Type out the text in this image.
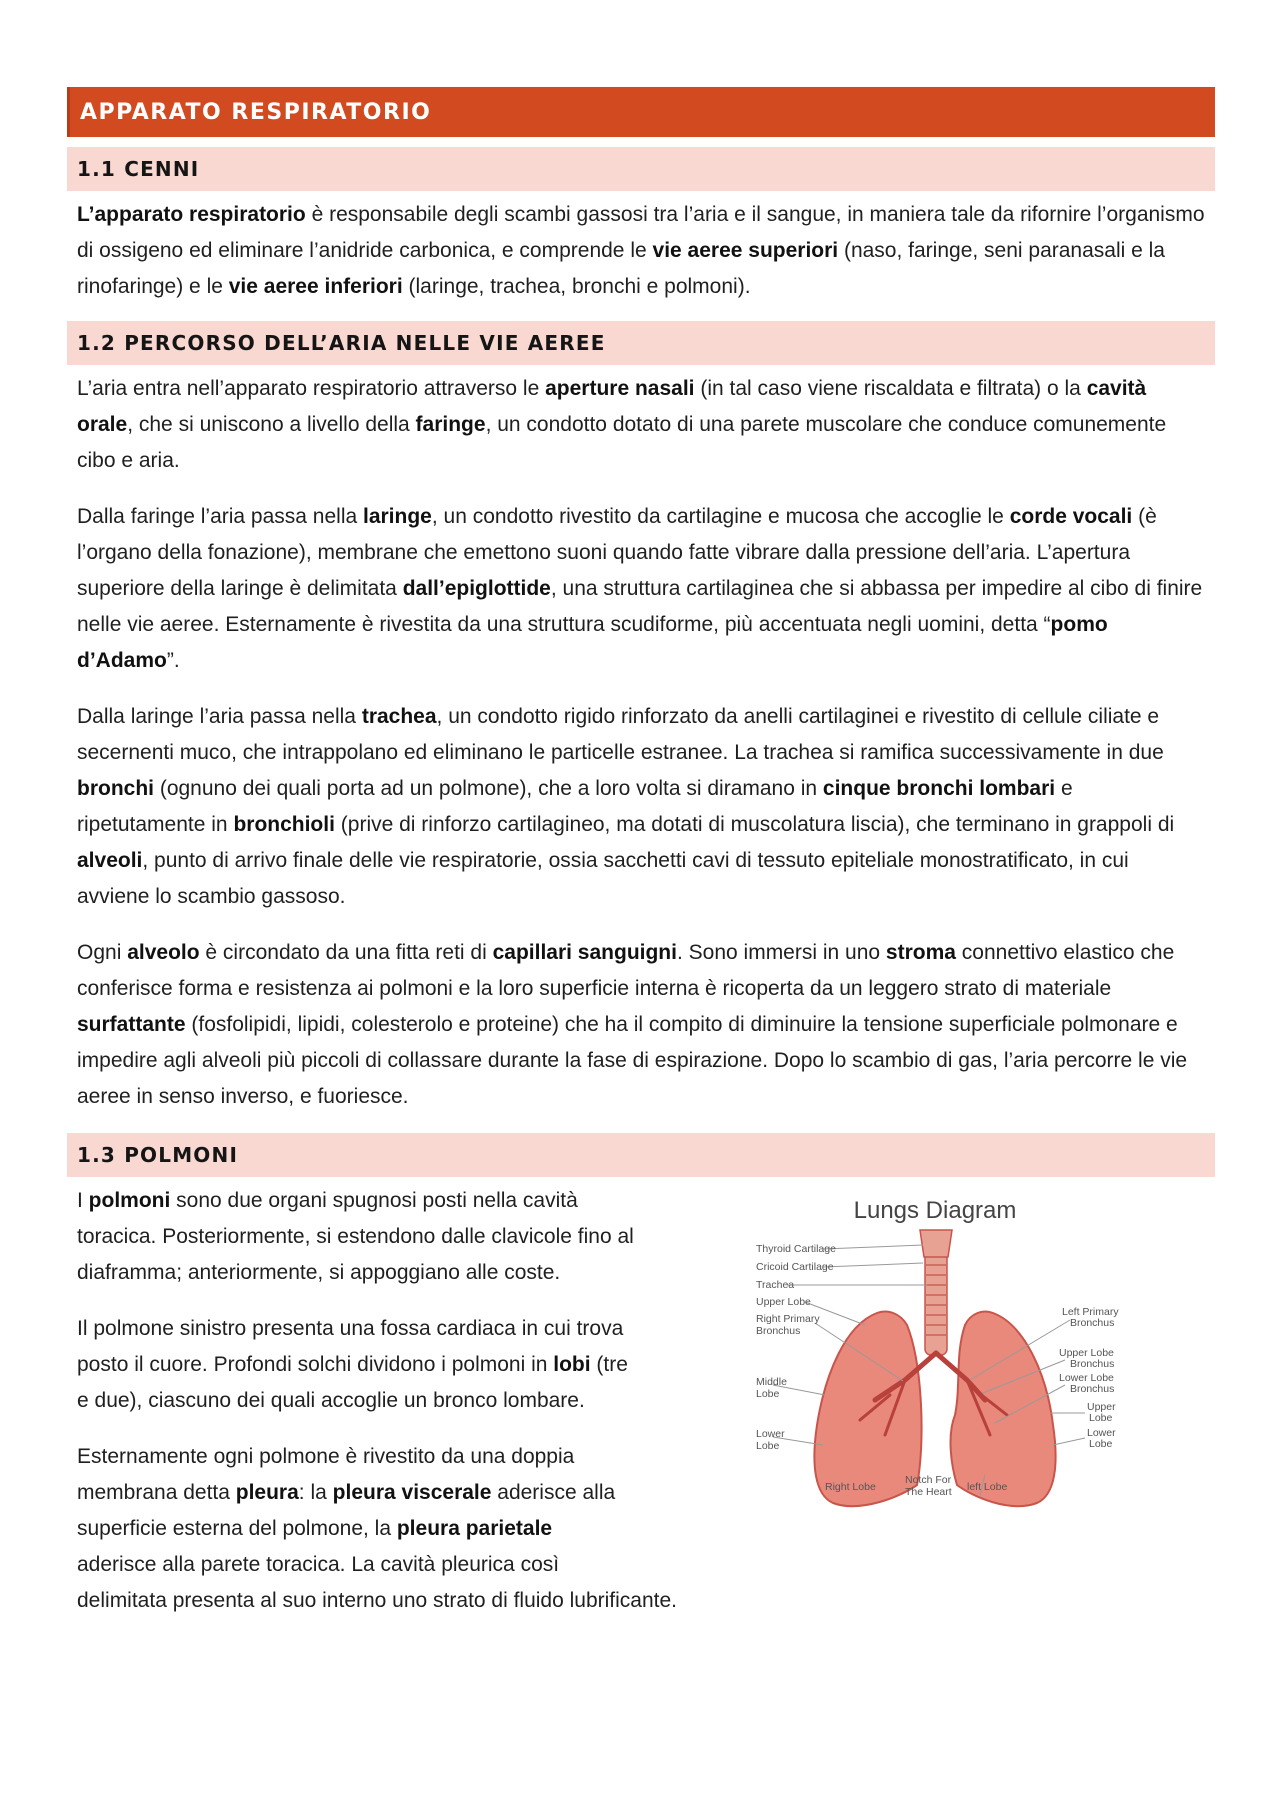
APPARATO RESPIRATORIO
1.1 CENNI

L’apparato respiratorio è responsabile degli scambi gassosi tra l’aria e il sangue, in maniera tale da rifornire l’organismo di ossigeno ed eliminare l’anidride carbonica, e comprende le vie aeree superiori (naso, faringe, seni paranasali e la rinofaringe) e le vie aeree inferiori (laringe, trachea, bronchi e polmoni).

1.2 PERCORSO DELL’ARIA NELLE VIE AEREE

L’aria entra nell’apparato respiratorio attraverso le aperture nasali (in tal caso viene riscaldata e filtrata) o la cavità orale, che si uniscono a livello della faringe, un condotto dotato di una parete muscolare che conduce comunemente cibo e aria.

Dalla faringe l’aria passa nella laringe, un condotto rivestito da cartilagine e mucosa che accoglie le corde vocali (è l’organo della fonazione), membrane che emettono suoni quando fatte vibrare dalla pressione dell’aria. L’apertura superiore della laringe è delimitata dall’epiglottide, una struttura cartilaginea che si abbassa per impedire al cibo di finire nelle vie aeree. Esternamente è rivestita da una struttura scudiforme, più accentuata negli uomini, detta “pomo d’Adamo”.

Dalla laringe l’aria passa nella trachea, un condotto rigido rinforzato da anelli cartilaginei e rivestito di cellule ciliate e secernenti muco, che intrappolano ed eliminano le particelle estranee. La trachea si ramifica successivamente in due bronchi (ognuno dei quali porta ad un polmone), che a loro volta si diramano in cinque bronchi lombari e ripetutamente in bronchioli (prive di rinforzo cartilagineo, ma dotati di muscolatura liscia), che terminano in grappoli di alveoli, punto di arrivo finale delle vie respiratorie, ossia sacchetti cavi di tessuto epiteliale monostratificato, in cui avviene lo scambio gassoso.

Ogni alveolo è circondato da una fitta reti di capillari sanguigni. Sono immersi in uno stroma connettivo elastico che conferisce forma e resistenza ai polmoni e la loro superficie interna è ricoperta da un leggero strato di materiale surfattante (fosfolipidi, lipidi, colesterolo e proteine) che ha il compito di diminuire la tensione superficiale polmonare e impedire agli alveoli più piccoli di collassare durante la fase di espirazione. Dopo lo scambio di gas, l’aria percorre le vie aeree in senso inverso, e fuoriesce.

1.3 POLMONI
Lungs Diagram
Thyroid Cartilage
Cricoid Cartilage
Trachea
Upper Lobe
Right Primary
Bronchus
Middle
Lobe
Lower
Lobe
Right Lobe
Notch For
The Heart left Lobe
Left Primary
Bronchus
Upper Lobe
Bronchus
Lower Lobe
Bronchus
Upper
Lobe
Lower
Lobe

I polmoni sono due organi spugnosi posti nella cavità toracica. Posteriormente, si estendono dalle clavicole fino al diaframma; anteriormente, si appoggiano alle coste.

Il polmone sinistro presenta una fossa cardiaca in cui trova posto il cuore. Profondi solchi dividono i polmoni in lobi (tre e due), ciascuno dei quali accoglie un bronco lombare.

Esternamente ogni polmone è rivestito da una doppia membrana detta pleura: la pleura viscerale aderisce alla superficie esterna del polmone, la pleura parietale aderisce alla parete toracica. La cavità pleurica così delimitata presenta al suo interno uno strato di fluido lubrificante.
